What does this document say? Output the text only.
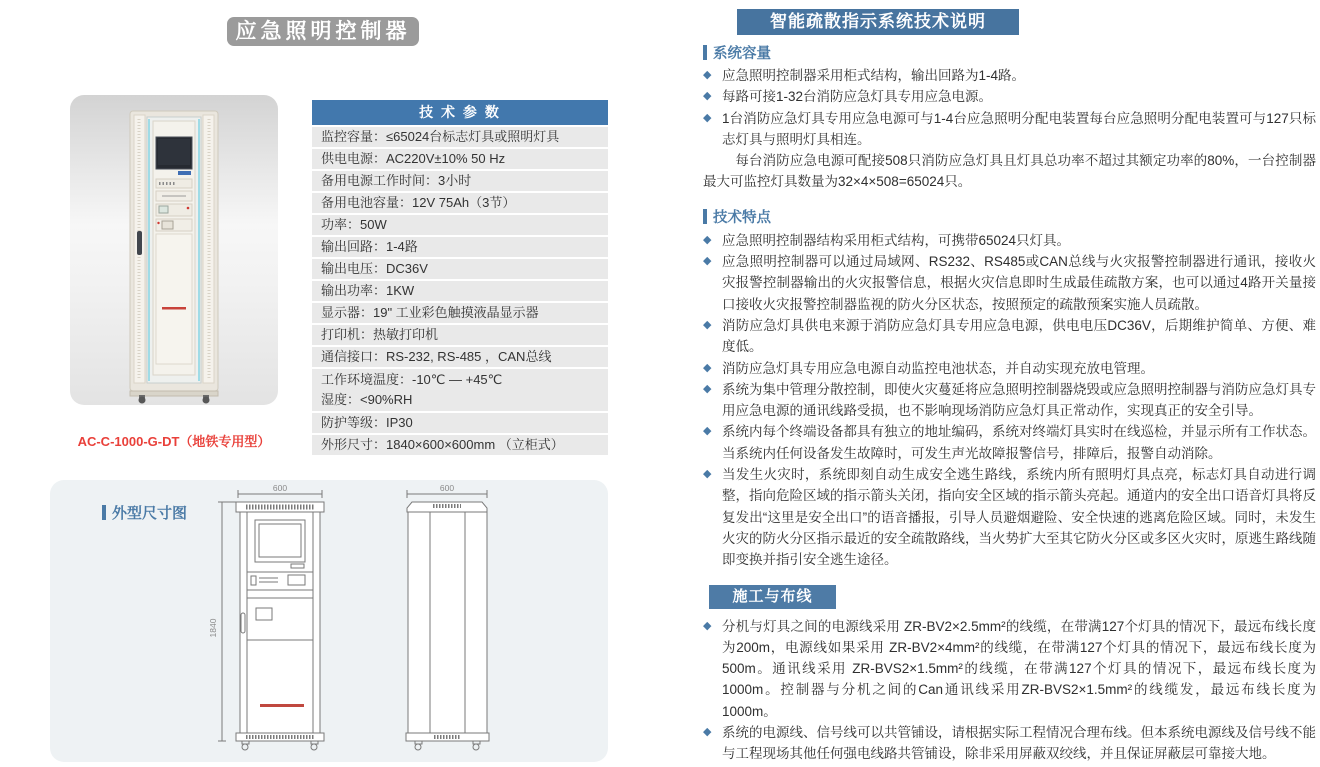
应急照明控制器
AC-C-1000-G-DT（地铁专用型）
技 术 参 数
监控容量：≤65024台标志灯具或照明灯具
供电电源：AC220V±10% 50 Hz
备用电源工作时间：3小时
备用电池容量：12V 75Ah（3节）
功率：50W
输出回路：1-4路
输出电压：DC36V
输出功率：1KW
显示器：19" 工业彩色触摸液晶显示器
打印机：热敏打印机
通信接口：RS-232, RS-485 ，CAN总线
工作环境温度：-10℃ — +45℃
湿度：<90%RH
防护等级：IP30
外形尺寸：1840×600×600mm （立柜式）
外型尺寸图
600	600
1840
智能疏散指示系统技术说明
系统容量
◆ 应急照明控制器采用柜式结构，输出回路为1-4路。
◆ 每路可接1-32台消防应急灯具专用应急电源。
◆ 1台消防应急灯具专用应急电源可与1-4台应急照明分配电装置每台应急照明分配电装置可与127只标志灯具与照明灯具相连。

每台消防应急电源可配接508只消防应急灯具且灯具总功率不超过其额定功率的80%，一台控制器最大可监控灯具数量为32×4×508=65024只。

技术特点
◆ 应急照明控制器结构采用柜式结构，可携带65024只灯具。
◆ 应急照明控制器可以通过局域网、RS232、RS485或CAN总线与火灾报警控制器进行通讯，接收火灾报警控制器输出的火灾报警信息，根据火灾信息即时生成最佳疏散方案，也可以通过4路开关量接口接收火灾报警控制器监视的防火分区状态，按照预定的疏散预案实施人员疏散。
◆ 消防应急灯具供电来源于消防应急灯具专用应急电源，供电电压DC36V，后期维护简单、方便、难度低。
◆ 消防应急灯具专用应急电源自动监控电池状态，并自动实现充放电管理。
◆ 系统为集中管理分散控制，即使火灾蔓延将应急照明控制器烧毁或应急照明控制器与消防应急灯具专用应急电源的通讯线路受损，也不影响现场消防应急灯具正常动作，实现真正的安全引导。
◆ 系统内每个终端设备都具有独立的地址编码，系统对终端灯具实时在线巡检，并显示所有工作状态。当系统内任何设备发生故障时，可发生声光故障报警信号，排障后，报警自动消除。
◆ 当发生火灾时，系统即刻自动生成安全逃生路线，系统内所有照明灯具点亮，标志灯具自动进行调整，指向危险区域的指示箭头关闭，指向安全区域的指示箭头亮起。通道内的安全出口语音灯具将反复发出“这里是安全出口”的语音播报，引导人员避烟避险、安全快速的逃离危险区域。同时，未发生火灾的防火分区指示最近的安全疏散路线，当火势扩大至其它防火分区或多区火灾时，原逃生路线随即变换并指引安全逃生途径。
施工与布线
◆ 分机与灯具之间的电源线采用 ZR-BV2×2.5mm²的线缆，在带满127个灯具的情况下，最远布线长度为200m，电源线如果采用 ZR-BV2×4mm²的线缆，在带满127个灯具的情况下，最远布线长度为500m。通讯线采用 ZR-BVS2×1.5mm²的线缆，在带满127个灯具的情况下，最远布线长度为1000m。控制器与分机之间的Can通讯线采用ZR-BVS2×1.5mm²的线缆发，最远布线长度为1000m。
◆ 系统的电源线、信号线可以共管铺设，请根据实际工程情况合理布线。但本系统电源线及信号线不能与工程现场其他任何强电线路共管铺设，除非采用屏蔽双绞线，并且保证屏蔽层可靠接大地。
